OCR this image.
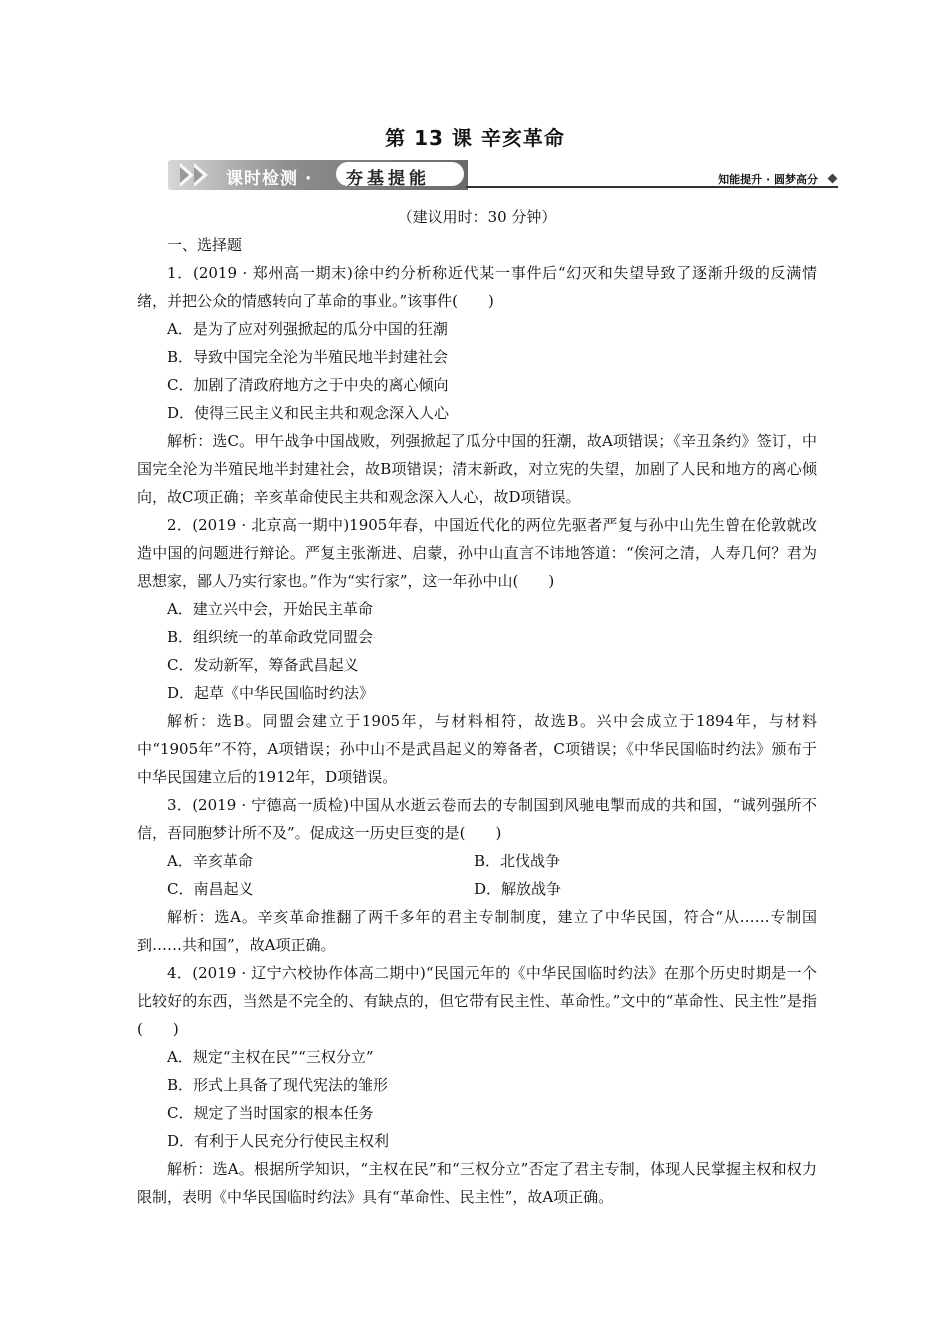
第 13 课 辛亥革命
课时检测 · 夯基提能	知能提升 · 圆梦高分

（建议用时：30 分钟）

一、选择题

1．(2019 · 郑州高一期末)徐中约分析称近代某一事件后“幻灭和失望导致了逐渐升级的反满情绪，并把公众的情感转向了革命的事业。”该事件(　　)

A．是为了应对列强掀起的瓜分中国的狂潮

B．导致中国完全沦为半殖民地半封建社会

C．加剧了清政府地方之于中央的离心倾向

D．使得三民主义和民主共和观念深入人心

解析：选C。甲午战争中国战败，列强掀起了瓜分中国的狂潮，故A项错误；《辛丑条约》签订，中国完全沦为半殖民地半封建社会，故B项错误；清末新政，对立宪的失望，加剧了人民和地方的离心倾向，故C项正确；辛亥革命使民主共和观念深入人心，故D项错误。

2．(2019 · 北京高一期中)1905年春，中国近代化的两位先驱者严复与孙中山先生曾在伦敦就改造中国的问题进行辩论。严复主张渐进、启蒙，孙中山直言不讳地答道：“俟河之清，人寿几何？君为思想家，鄙人乃实行家也。”作为“实行家”，这一年孙中山(　　)

A．建立兴中会，开始民主革命

B．组织统一的革命政党同盟会

C．发动新军，筹备武昌起义

D．起草《中华民国临时约法》

解析：选B。同盟会建立于1905年，与材料相符，故选B。兴中会成立于1894年，与材料中“1905年”不符，A项错误；孙中山不是武昌起义的筹备者，C项错误；《中华民国临时约法》颁布于中华民国建立后的1912年，D项错误。

3．(2019 · 宁德高一质检)中国从水逝云卷而去的专制国到风驰电掣而成的共和国，“诚列强所不信，吾同胞梦计所不及”。促成这一历史巨变的是(　　)

A．辛亥革命	B．北伐战争
C．南昌起义	D．解放战争

解析：选A。辛亥革命推翻了两千多年的君主专制制度，建立了中华民国，符合“从……专制国到……共和国”，故A项正确。

4．(2019 · 辽宁六校协作体高二期中)“民国元年的《中华民国临时约法》在那个历史时期是一个比较好的东西，当然是不完全的、有缺点的，但它带有民主性、革命性。”文中的“革命性、民主性”是指(　　)

A．规定“主权在民”“三权分立”

B．形式上具备了现代宪法的雏形

C．规定了当时国家的根本任务

D．有利于人民充分行使民主权利

解析：选A。根据所学知识，“主权在民”和“三权分立”否定了君主专制，体现人民掌握主权和权力限制，表明《中华民国临时约法》具有“革命性、民主性”，故A项正确。
